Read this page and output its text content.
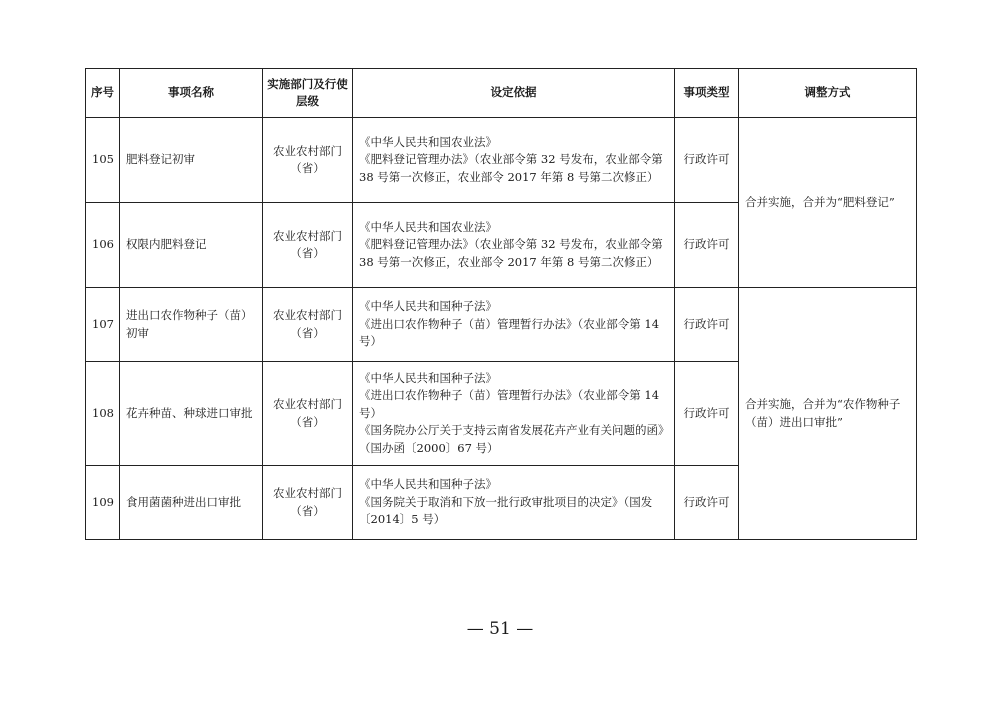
序号	事项名称	实施部门及行使层级	设定依据	事项类型	调整方式
105	肥料登记初审	农业农村部门（省）	《中华人民共和国农业法》
《肥料登记管理办法》（农业部令第 32 号发布，农业部令第 38 号第一次修正，农业部令 2017 年第 8 号第二次修正）	行政许可	合并实施，合并为“肥料登记”
106	权限内肥料登记	农业农村部门（省）	《中华人民共和国农业法》
《肥料登记管理办法》（农业部令第 32 号发布，农业部令第 38 号第一次修正，农业部令 2017 年第 8 号第二次修正）	行政许可	
107	进出口农作物种子（苗）初审	农业农村部门（省）	《中华人民共和国种子法》
《进出口农作物种子（苗）管理暂行办法》（农业部令第 14 号）	行政许可	合并实施，合并为“农作物种子（苗）进出口审批”
108	花卉种苗、种球进口审批	农业农村部门（省）	《中华人民共和国种子法》
《进出口农作物种子（苗）管理暂行办法》（农业部令第 14 号）
《国务院办公厅关于支持云南省发展花卉产业有关问题的函》（国办函〔2000〕67 号）	行政许可	
109	食用菌菌种进出口审批	农业农村部门（省）	《中华人民共和国种子法》
《国务院关于取消和下放一批行政审批项目的决定》（国发〔2014〕5 号）	行政许可	
— 51 —
